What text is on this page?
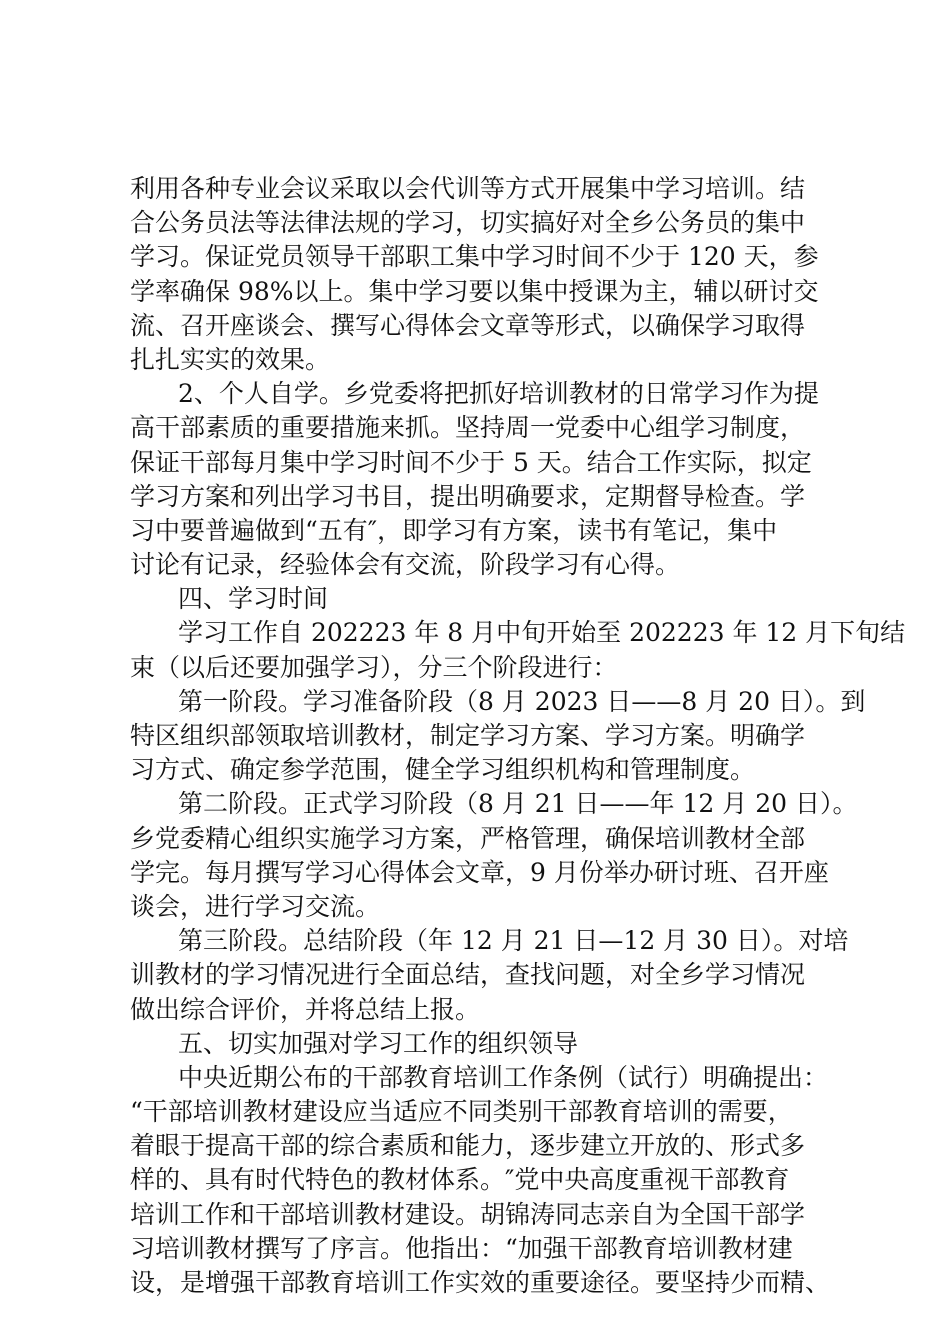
利用各种专业会议采取以会代训等方式开展集中学习培训。结
合公务员法等法律法规的学习，切实搞好对全乡公务员的集中
学习。保证党员领导干部职工集中学习时间不少于 120 天，参
学率确保 98%以上。集中学习要以集中授课为主，辅以研讨交
流、召开座谈会、撰写心得体会文章等形式，以确保学习取得
扎扎实实的效果。
2、个人自学。乡党委将把抓好培训教材的日常学习作为提
高干部素质的重要措施来抓。坚持周一党委中心组学习制度，
保证干部每月集中学习时间不少于 5 天。结合工作实际，拟定
学习方案和列出学习书目，提出明确要求，定期督导检查。学
习中要普遍做到“五有″，即学习有方案，读书有笔记，集中
讨论有记录，经验体会有交流，阶段学习有心得。
四、学习时间
学习工作自 202223 年 8 月中旬开始至 202223 年 12 月下旬结
束（以后还要加强学习），分三个阶段进行：
第一阶段。学习准备阶段（8 月 2023 日——8 月 20 日）。到
特区组织部领取培训教材，制定学习方案、学习方案。明确学
习方式、确定参学范围，健全学习组织机构和管理制度。
第二阶段。正式学习阶段（8 月 21 日——年 12 月 20 日）。
乡党委精心组织实施学习方案，严格管理，确保培训教材全部
学完。每月撰写学习心得体会文章，9 月份举办研讨班、召开座
谈会，进行学习交流。
第三阶段。总结阶段（年 12 月 21 日—12 月 30 日）。对培
训教材的学习情况进行全面总结，查找问题，对全乡学习情况
做出综合评价，并将总结上报。
五、切实加强对学习工作的组织领导
中央近期公布的干部教育培训工作条例（试行）明确提出：
“干部培训教材建设应当适应不同类别干部教育培训的需要，
着眼于提高干部的综合素质和能力，逐步建立开放的、形式多
样的、具有时代特色的教材体系。″党中央高度重视干部教育
培训工作和干部培训教材建设。胡锦涛同志亲自为全国干部学
习培训教材撰写了序言。他指出：“加强干部教育培训教材建
设，是增强干部教育培训工作实效的重要途径。要坚持少而精、
